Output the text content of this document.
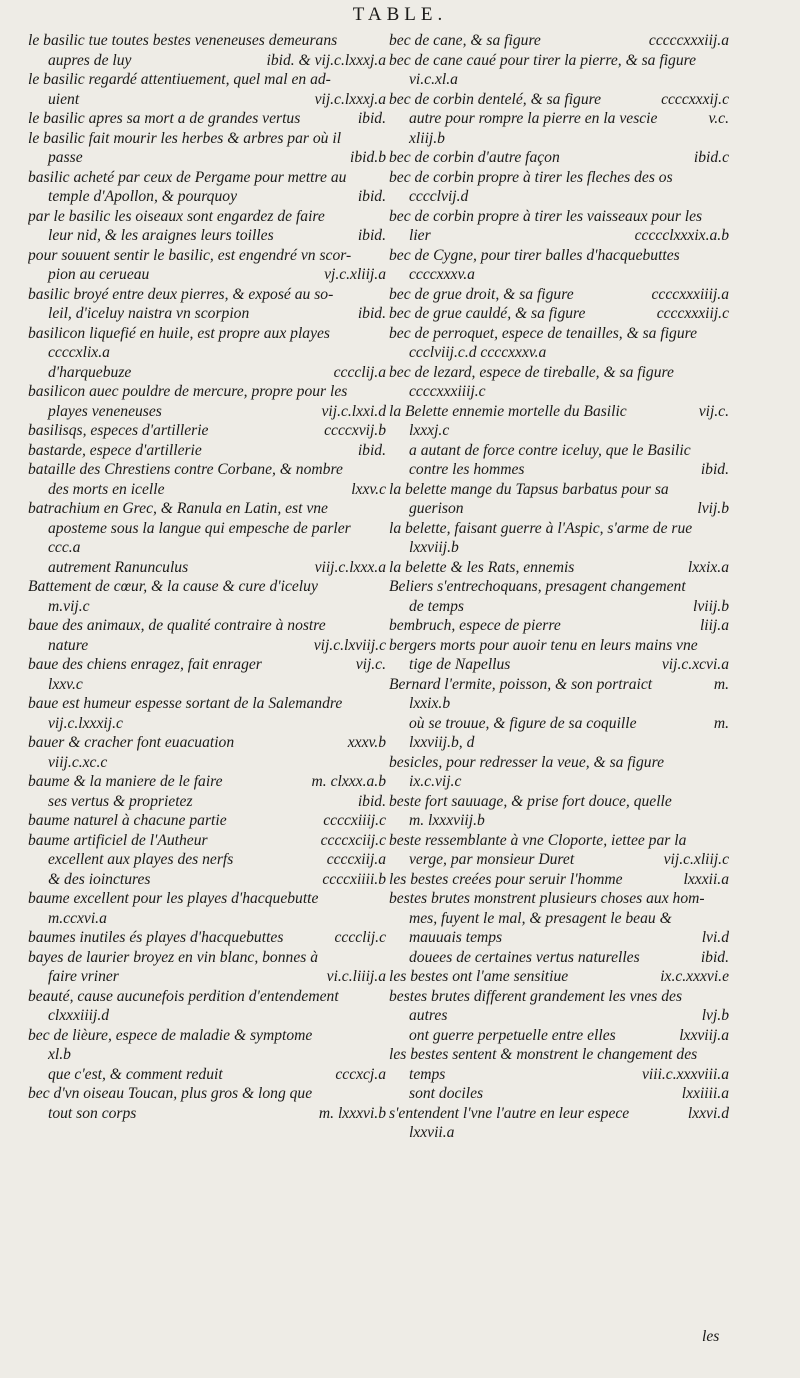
TABLE.
le basilic tue toutes bestes veneneuses demeurans
ibid. & vij.c.lxxxj.a
aupres de luy
le basilic regardé attentiuement, quel mal en ad-
vij.c.lxxxj.a
uient
ibid.
le basilic apres sa mort a de grandes vertus
le basilic fait mourir les herbes & arbres par où il
ibid.b
passe
basilic acheté par ceux de Pergame pour mettre au
ibid.
temple d'Apollon, & pourquoy
par le basilic les oiseaux sont engardez de faire
ibid.
leur nid, & les araignes leurs toilles
pour souuent sentir le basilic, est engendré vn scor-
vj.c.xliij.a
pion au cerueau
basilic broyé entre deux pierres, & exposé au so-
ibid.
leil, d'iceluy naistra vn scorpion
basilicon liquefié en huile, est propre aux playes
ccccxlix.a
cccclij.a
d'harquebuze
basilicon auec pouldre de mercure, propre pour les
vij.c.lxxi.d
playes veneneuses
ccccxvij.b
basilisqs, especes d'artillerie
ibid.
bastarde, espece d'artillerie
bataille des Chrestiens contre Corbane, & nombre
lxxv.c
des morts en icelle
batrachium en Grec, & Ranula en Latin, est vne
aposteme sous la langue qui empesche de parler
ccc.a
viij.c.lxxx.a
autrement Ranunculus
Battement de cœur, & la cause & cure d'iceluy
m.vij.c
baue des animaux, de qualité contraire à nostre
vij.c.lxviij.c
nature
vij.c.
baue des chiens enragez, fait enrager
lxxv.c
baue est humeur espesse sortant de la Salemandre
vij.c.lxxxij.c
xxxv.b
bauer & cracher font euacuation
viij.c.xc.c
m. clxxx.a.b
baume & la maniere de le faire
ibid.
ses vertus & proprietez
ccccxiiij.c
baume naturel à chacune partie
ccccxciij.c
baume artificiel de l'Autheur
ccccxiij.a
excellent aux playes des nerfs
ccccxiiii.b
& des ioinctures
baume excellent pour les playes d'hacquebutte
m.ccxvi.a
cccclij.c
baumes inutiles és playes d'hacquebuttes
bayes de laurier broyez en vin blanc, bonnes à
vi.c.liiij.a
faire vriner
beauté, cause aucunefois perdition d'entendement
clxxxiiij.d
bec de lièure, espece de maladie & symptome
xl.b
cccxcj.a
que c'est, & comment reduit
bec d'vn oiseau Toucan, plus gros & long que
m. lxxxvi.b
tout son corps
cccccxxxiij.a
bec de cane, & sa figure
bec de cane caué pour tirer la pierre, & sa figure
vi.c.xl.a
ccccxxxij.c
bec de corbin dentelé, & sa figure
v.c.
autre pour rompre la pierre en la vescie
xliij.b
ibid.c
bec de corbin d'autre façon
bec de corbin propre à tirer les fleches des os
cccclvij.d
bec de corbin propre à tirer les vaisseaux pour les
ccccclxxxix.a.b
lier
bec de Cygne, pour tirer balles d'hacquebuttes
ccccxxxv.a
ccccxxxiiij.a
bec de grue droit, & sa figure
ccccxxxiij.c
bec de grue cauldé, & sa figure
bec de perroquet, espece de tenailles, & sa figure
ccclviij.c.d ccccxxxv.a
bec de lezard, espece de tireballe, & sa figure
ccccxxxiiij.c
vij.c.
la Belette ennemie mortelle du Basilic
lxxxj.c
a autant de force contre iceluy, que le Basilic
ibid.
contre les hommes
la belette mange du Tapsus barbatus pour sa
lvij.b
guerison
la belette, faisant guerre à l'Aspic, s'arme de rue
lxxviij.b
lxxix.a
la belette & les Rats, ennemis
Beliers s'entrechoquans, presagent changement
lviij.b
de temps
liij.a
bembruch, espece de pierre
bergers morts pour auoir tenu en leurs mains vne
vij.c.xcvi.a
tige de Napellus
m.
Bernard l'ermite, poisson, & son portraict
lxxix.b
m.
où se trouue, & figure de sa coquille
lxxviij.b, d
besicles, pour redresser la veue, & sa figure
ix.c.vij.c
beste fort sauuage, & prise fort douce, quelle
m. lxxxviij.b
beste ressemblante à vne Cloporte, iettee par la
vij.c.xliij.c
verge, par monsieur Duret
lxxxii.a
les bestes creées pour seruir l'homme
bestes brutes monstrent plusieurs choses aux hom-
mes, fuyent le mal, & presagent le beau &
lvi.d
mauuais temps
ibid.
douees de certaines vertus naturelles
ix.c.xxxvi.e
les bestes ont l'ame sensitiue
bestes brutes different grandement les vnes des
lvj.b
autres
lxxviij.a
ont guerre perpetuelle entre elles
les bestes sentent & monstrent le changement des
viii.c.xxxviii.a
temps
lxxiiii.a
sont dociles
lxxvi.d
s'entendent l'vne l'autre en leur espece
lxxvii.a
les
